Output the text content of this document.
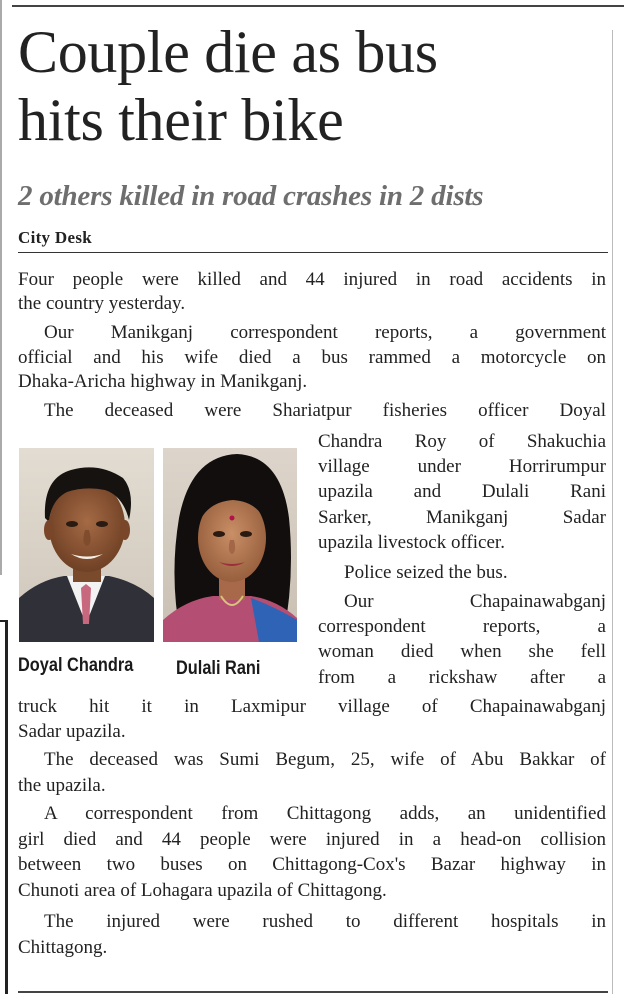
Couple die as bus
hits their bike

2 others killed in road crashes in 2 dists

City Desk

Four people were killed and 44 injured in road accidents in

the country yesterday.

Our Manikganj correspondent reports, a government

official and his wife died a bus rammed a motorcycle on

Dhaka-Aricha highway in Manikganj.

The deceased were Shariatpur fisheries officer Doyal

Chandra Roy of Shakuchia

village under Horrirumpur

upazila and Dulali Rani

Sarker, Manikganj Sadar

upazila livestock officer.

Police seized the bus.

Our Chapainawabganj

correspondent reports, a

woman died when she fell

from a rickshaw after a

truck hit it in Laxmipur village of Chapainawabganj

Sadar upazila.

The deceased was Sumi Begum, 25, wife of Abu Bakkar of

the upazila.

A correspondent from Chittagong adds, an unidentified

girl died and 44 people were injured in a head-on collision

between two buses on Chittagong-Cox's Bazar highway in

Chunoti area of Lohagara upazila of Chittagong.

The injured were rushed to different hospitals in

Chittagong.

Doyal Chandra Dulali Rani
